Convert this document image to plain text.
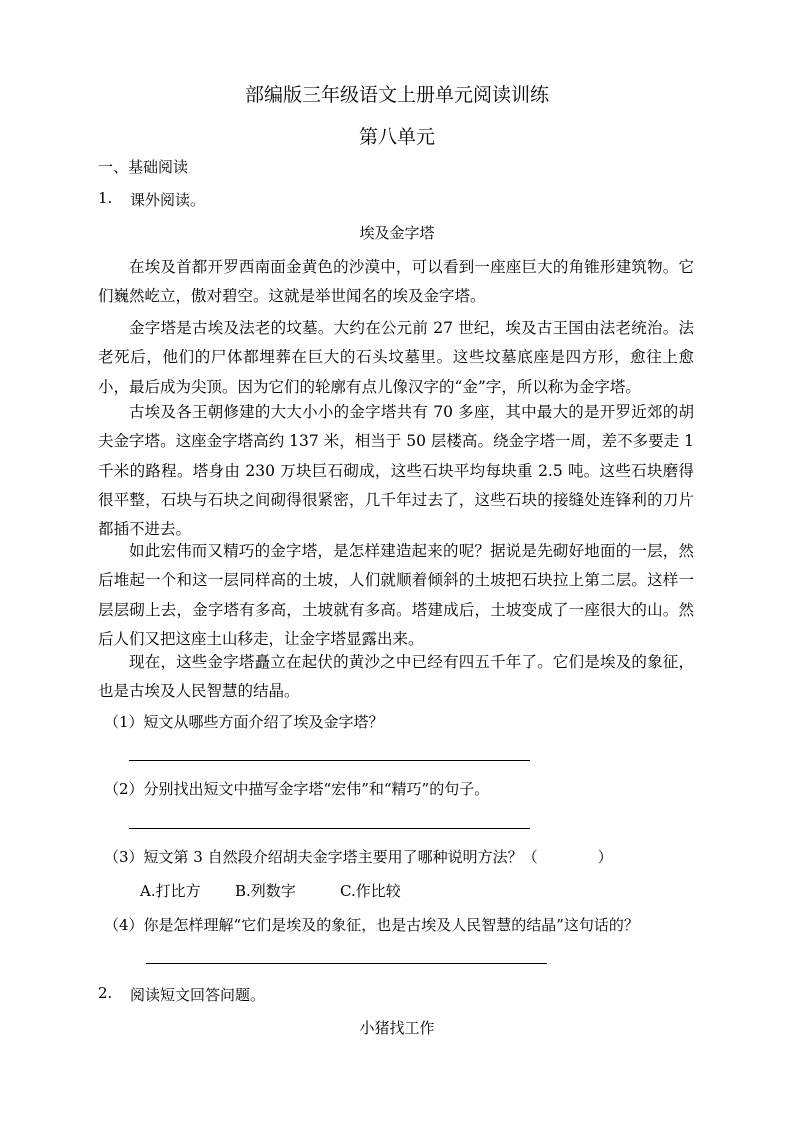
部编版三年级语文上册单元阅读训练
第八单元
一、基础阅读
1. 课外阅读。
埃及金字塔
在埃及首都开罗西南面金黄色的沙漠中，可以看到一座座巨大的角锥形建筑物。它们巍然屹立，傲对碧空。这就是举世闻名的埃及金字塔。
金字塔是古埃及法老的坟墓。大约在公元前 27 世纪，埃及古王国由法老统治。法老死后，他们的尸体都埋葬在巨大的石头坟墓里。这些坟墓底座是四方形，愈往上愈小，最后成为尖顶。因为它们的轮廓有点儿像汉字的“金”字，所以称为金字塔。
古埃及各王朝修建的大大小小的金字塔共有 70 多座，其中最大的是开罗近郊的胡夫金字塔。这座金字塔高约 137 米，相当于 50 层楼高。绕金字塔一周，差不多要走 1 千米的路程。塔身由 230 万块巨石砌成，这些石块平均每块重 2.5 吨。这些石块磨得很平整，石块与石块之间砌得很紧密，几千年过去了，这些石块的接缝处连锋利的刀片都插不进去。
如此宏伟而又精巧的金字塔，是怎样建造起来的呢？据说是先砌好地面的一层，然后堆起一个和这一层同样高的土坡，人们就顺着倾斜的土坡把石块拉上第二层。这样一层层砌上去，金字塔有多高，土坡就有多高。塔建成后，土坡变成了一座很大的山。然后人们又把这座土山移走，让金字塔显露出来。
现在，这些金字塔矗立在起伏的黄沙之中已经有四五千年了。它们是埃及的象征，也是古埃及人民智慧的结晶。
（1）短文从哪些方面介绍了埃及金字塔？
（2）分别找出短文中描写金字塔“宏伟”和“精巧”的句子。
（3）短文第 3 自然段介绍胡夫金字塔主要用了哪种说明方法？（　　　　）
A.打比方 B.列数字	C.作比较
（4）你是怎样理解“它们是埃及的象征，也是古埃及人民智慧的结晶”这句话的？
2. 阅读短文回答问题。
小猪找工作
